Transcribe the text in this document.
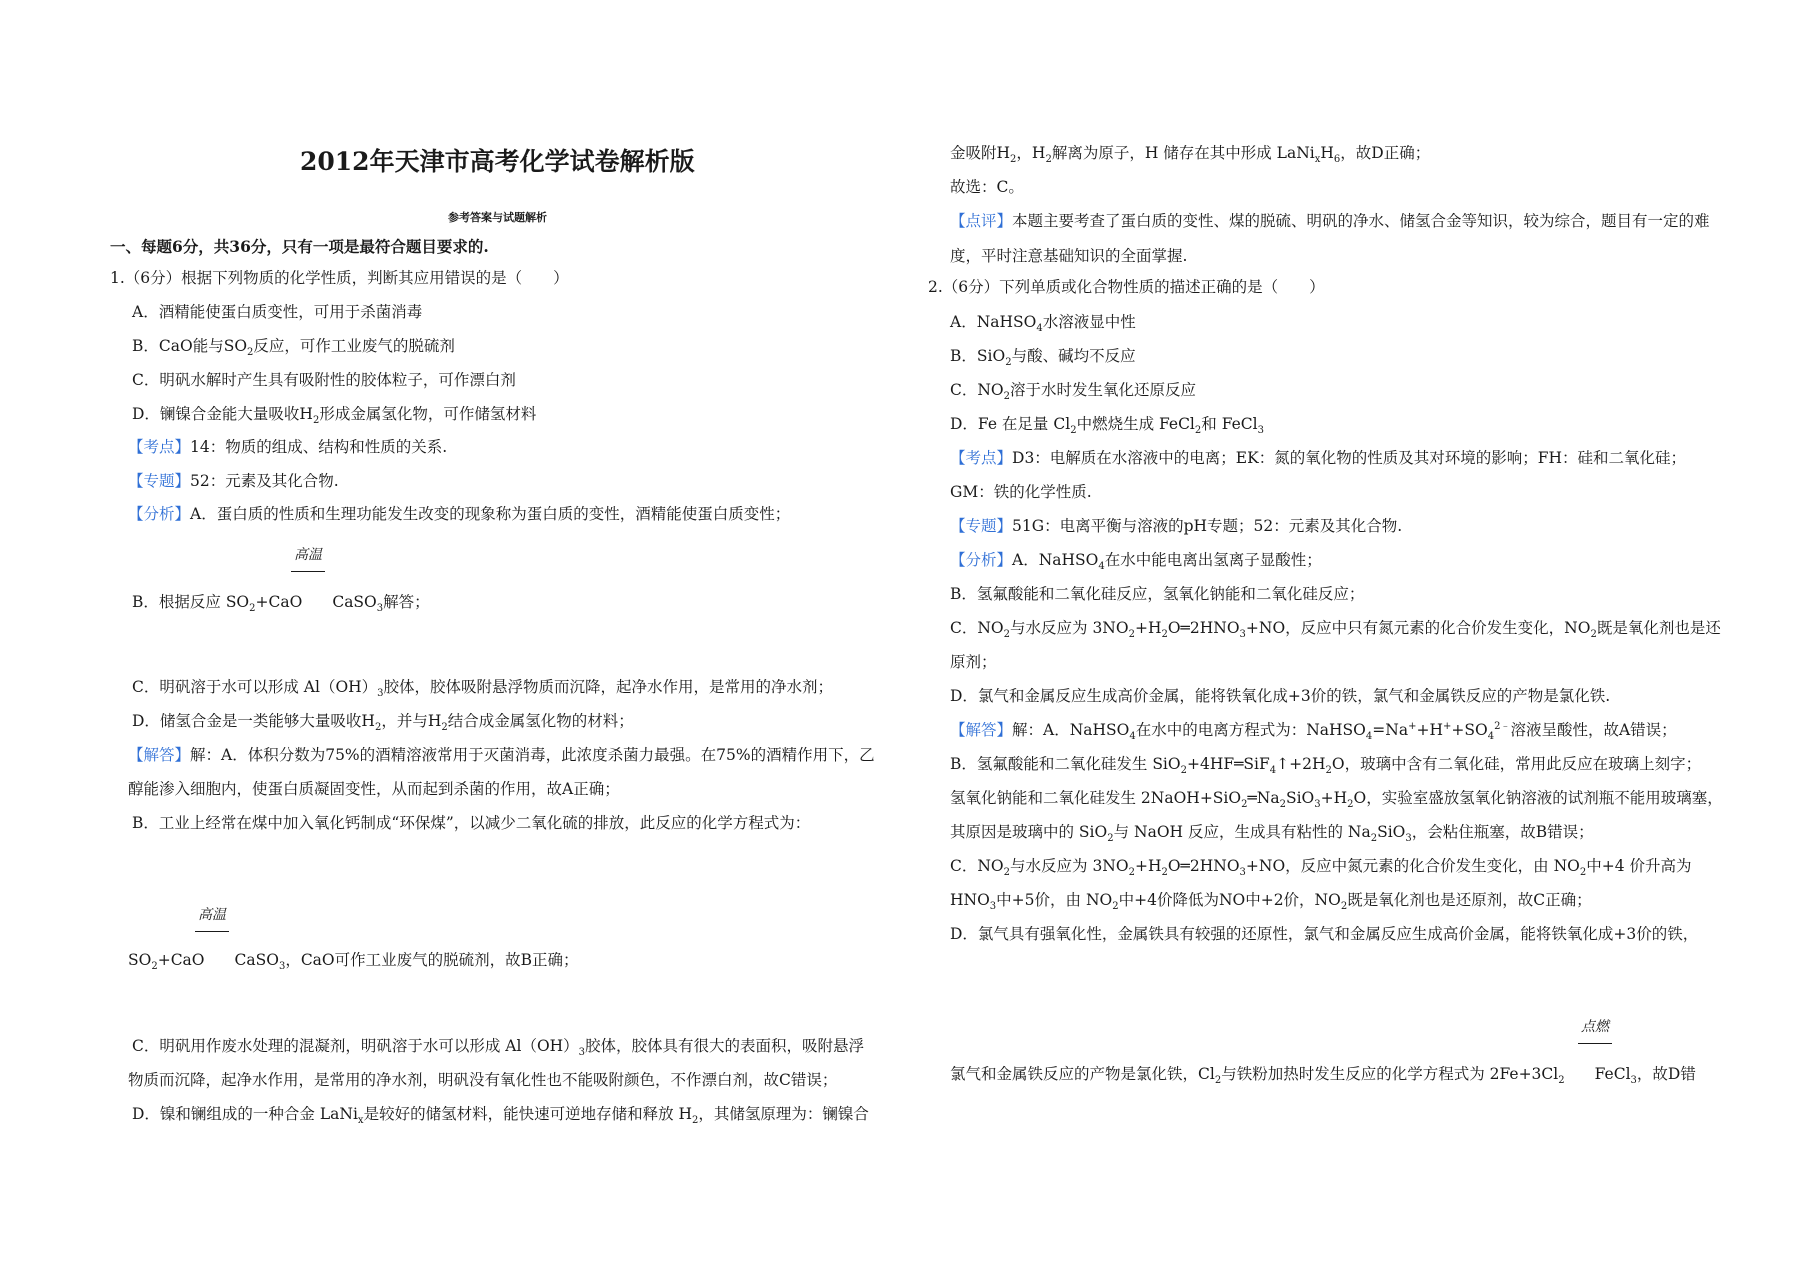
2012年天津市高考化学试卷解析版
参考答案与试题解析
一、每题6分，共36分，只有一项是最符合题目要求的.
1.（6分）根据下列物质的化学性质，判断其应用错误的是（　　）
A．酒精能使蛋白质变性，可用于杀菌消毒
B．CaO能与$SO_2$反应，可作工业废气的脱硫剂
C．明矾水解时产生具有吸附性的胶体粒子，可作漂白剂
D．镧镍合金能大量吸收$H_2$形成金属氢化物，可作储氢材料
【考点】14：物质的组成、结构和性质的关系.
【专题】52：元素及其化合物.
【分析】A．蛋白质的性质和生理功能发生改变的现象称为蛋白质的变性，酒精能使蛋白质变性；
高温
B．根据反应 $SO_2+CaO$ CaSO$_3$解答；
C．明矾溶于水可以形成 $Al(OH)_3$胶体，胶体吸附悬浮物质而沉降，起净水作用，是常用的净水剂；
D．储氢合金是一类能够大量吸收$H_2$，并与$H_2$结合成金属氢化物的材料；
【解答】解：A．体积分数为75%的酒精溶液常用于灭菌消毒，此浓度杀菌力最强。在75%的酒精作用下，乙
醇能渗入细胞内，使蛋白质凝固变性，从而起到杀菌的作用，故A正确；
B．工业上经常在煤中加入氧化钙制成“环保煤”，以减少二氧化硫的排放，此反应的化学方程式为：
高温
$SO_2+CaO$ CaSO$_3$，CaO可作工业废气的脱硫剂，故B正确；
C．明矾用作废水处理的混凝剂，明矾溶于水可以形成 $Al(OH)_3$胶体，胶体具有很大的表面积，吸附悬浮
物质而沉降，起净水作用，是常用的净水剂，明矾没有氧化性也不能吸附颜色，不作漂白剂，故C错误；
D．镍和镧组成的一种合金 LaNi$_x$是较好的储氢材料，能快速可逆地存储和释放 $H_2$，其储氢原理为：镧镍合
金吸附$H_2$，$H_2$解离为原子，H 储存在其中形成 $LaNi_xH_6$，故D正确；
故选：C。
【点评】本题主要考查了蛋白质的变性、煤的脱硫、明矾的净水、储氢合金等知识，较为综合，题目有一定的难
度，平时注意基础知识的全面掌握.
2.（6分）下列单质或化合物性质的描述正确的是（　　）
A．NaHSO$_4$水溶液显中性
B．SiO$_2$与酸、碱均不反应
C．$NO_2$溶于水时发生氧化还原反应
D．Fe 在足量 $Cl_2$中燃烧生成 FeCl$_2$和 FeCl$_3$
【考点】D3：电解质在水溶液中的电离；EK：氮的氧化物的性质及其对环境的影响；FH：硅和二氧化硅；
GM：铁的化学性质.
【专题】51G：电离平衡与溶液的pH专题；52：元素及其化合物.
【分析】A．NaHSO$_4$在水中能电离出氢离子显酸性；
B．氢氟酸能和二氧化硅反应，氢氧化钠能和二氧化硅反应；
C．$NO_2$与水反应为 $3NO_2+H_2O═2HNO_3+NO$，反应中只有氮元素的化合价发生变化，$NO_2$既是氧化剂也是还
原剂；
D．氯气和金属反应生成高价金属，能将铁氧化成+3价的铁，氯气和金属铁反应的产物是氯化铁.
【解答】解：A．NaHSO$_4$在水中的电离方程式为：$NaHSO_4=Na^++H^++SO_4^{2﹣}$溶液呈酸性，故A错误；
B．氢氟酸能和二氧化硅发生 $SiO_2+4HF═SiF_4↑+2H_2O$，玻璃中含有二氧化硅，常用此反应在玻璃上刻字；
氢氧化钠能和二氧化硅发生 $2NaOH+SiO_2═Na_2SiO_3+H_2O$，实验室盛放氢氧化钠溶液的试剂瓶不能用玻璃塞，
其原因是玻璃中的 SiO$_2$与 NaOH 反应，生成具有粘性的 $Na_2SiO_3$，会粘住瓶塞，故B错误；
C．$NO_2$与水反应为 $3NO_2+H_2O═2HNO_3+NO$，反应中氮元素的化合价发生变化，由 $NO_2$中+4 价升高为
$HNO_3$中+5价，由 $NO_2$中+4价降低为NO中+2价，$NO_2$既是氧化剂也是还原剂，故C正确；
D．氯气具有强氧化性，金属铁具有较强的还原性，氯气和金属反应生成高价金属，能将铁氧化成+3价的铁，
点燃
氯气和金属铁反应的产物是氯化铁，$Cl_2$与铁粉加热时发生反应的化学方程式为 $2Fe+3Cl_2$ FeCl$_3$，故D错
